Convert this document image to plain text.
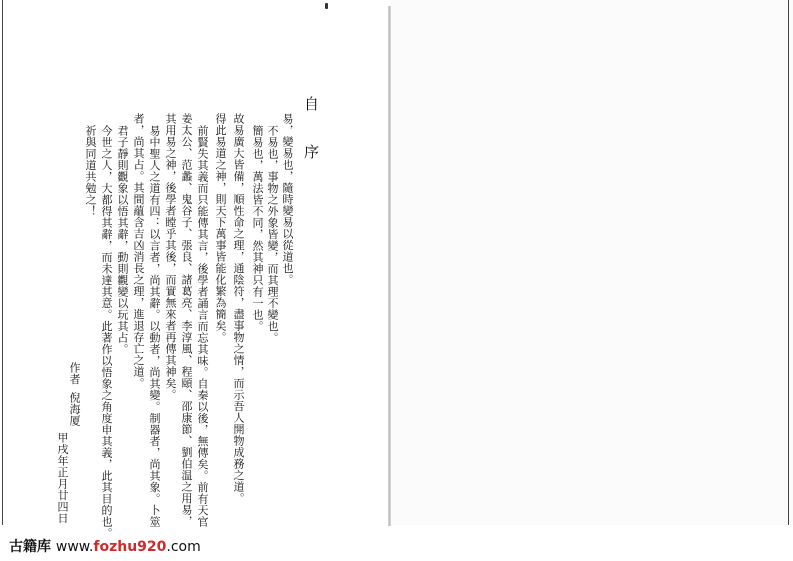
自 序
易，變易也，隨時變易以從道也。
不易也，事物之外象皆變，而其理不變也。
簡易也，萬法皆不同，然其神只有一也。
故易廣大皆備，順性命之理，通陰符，盡事物之情，而示吾人開物成務之道。
得此易道之神，則天下萬事皆能化繁為簡矣。
前賢失其義而只能傳其言，後學者誦言而忘其味。自秦以後，無傳矣。前有天官
姜太公、范蠡、鬼谷子、張良、諸葛亮、李淳風、程頤、邵康節、劉伯温之用易，
其用易之神，後學者瞠乎其後，而實無來者再傳其神矣。
易中聖人之道有四：以言者，尚其辭。以動者，尚其變。制器者，尚其象。卜筮
者，尚其占。其間蘊含吉凶消長之理，進退存亡之道。
君子靜則觀象以悟其辭，動則觀變以玩其占。
今世之人，大都得其辭，而未達其意。此著作以悟象之角度申其義，此其目的也。
祈與同道共勉之！
作者
倪海厦
甲戌年正月廿四日
古籍库 www.fozhu920.com
